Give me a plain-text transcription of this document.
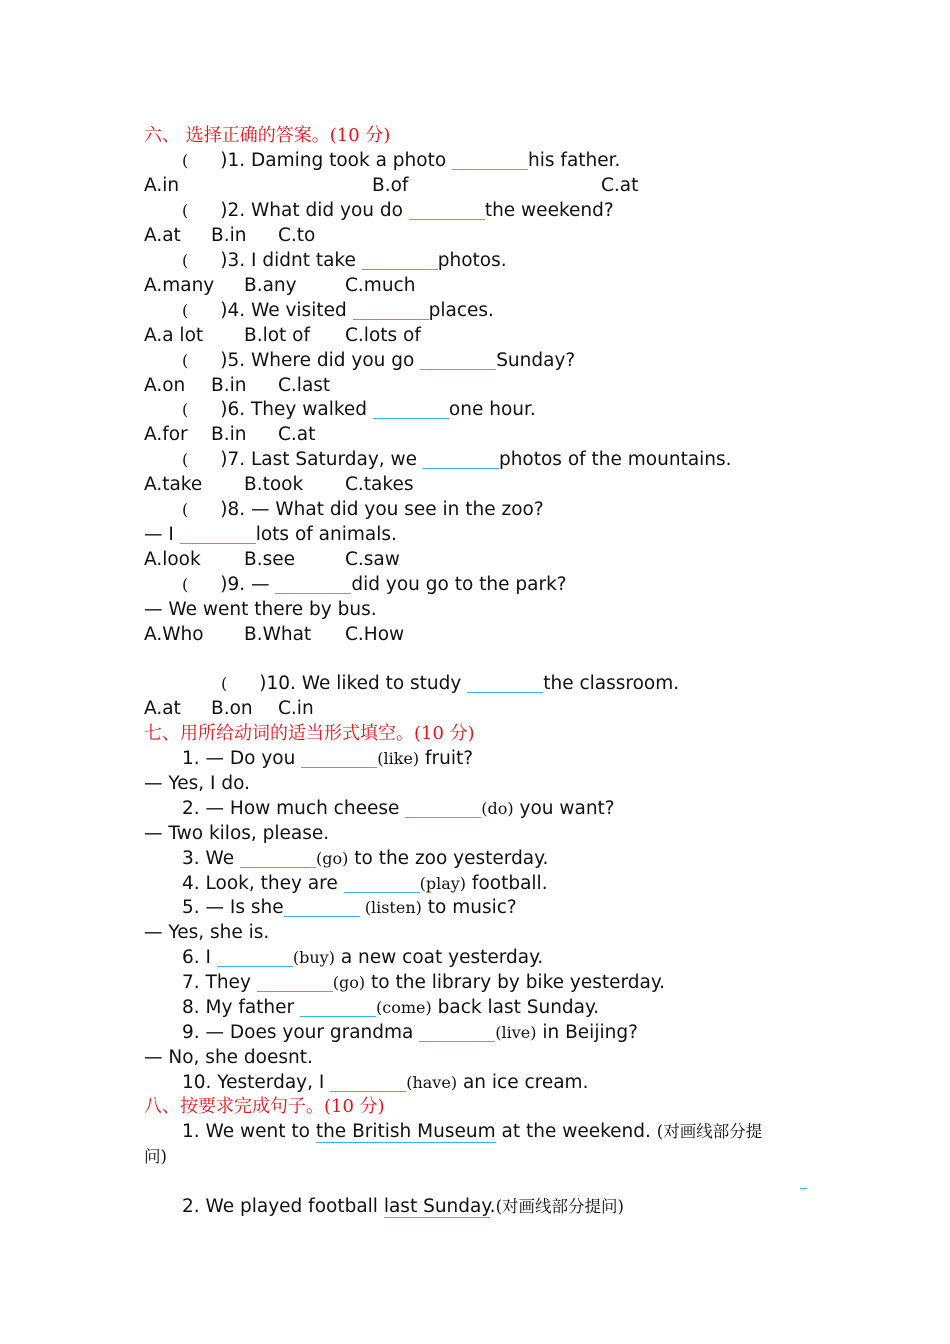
六、 选择正确的答案。(10 分)
( )1. Daming took a photo	his father.
A.in	B.of	C.at
( )2. What did you do	the weekend?
A.at B.in C.to
( )3. I didnt take	photos.
A.many B.any	C.much
( )4. We visited	places.
A.a lot B.lot of C.lots of
( )5. Where did you go	Sunday?
A.on B.in C.last
( )6. They walked	one hour.
A.for B.in C.at
( )7. Last Saturday, we	photos of the mountains.
A.take B.took C.takes
( )8. — What did you see in the zoo?
— I	lots of animals.
A.look B.see	C.saw
( )9. —	did you go to the park?
— We went there by bus.
A.Who B.What C.How
( )10. We liked to study	the classroom.
A.at B.on C.in
七、用所给动词的适当形式填空。(10 分)
1. — Do you	(like) fruit?
— Yes, I do.
2. — How much cheese	(do) you want?
— Two kilos, please.
3. We	(go) to the zoo yesterday.
4. Look, they are	(play) football.
5. — Is she	(listen) to music?
— Yes, she is.
6. I	(buy) a new coat yesterday.
7. They	(go) to the library by bike yesterday.
8. My father	(come) back last Sunday.
9. — Does your grandma	(live) in Beijing?
— No, she doesnt.
10. Yesterday, I	(have) an ice cream.
八、按要求完成句子。(10 分)
1. We went to the British Museum at the weekend. (对画线部分提
问)
2. We played football last Sunday.(对画线部分提问)
